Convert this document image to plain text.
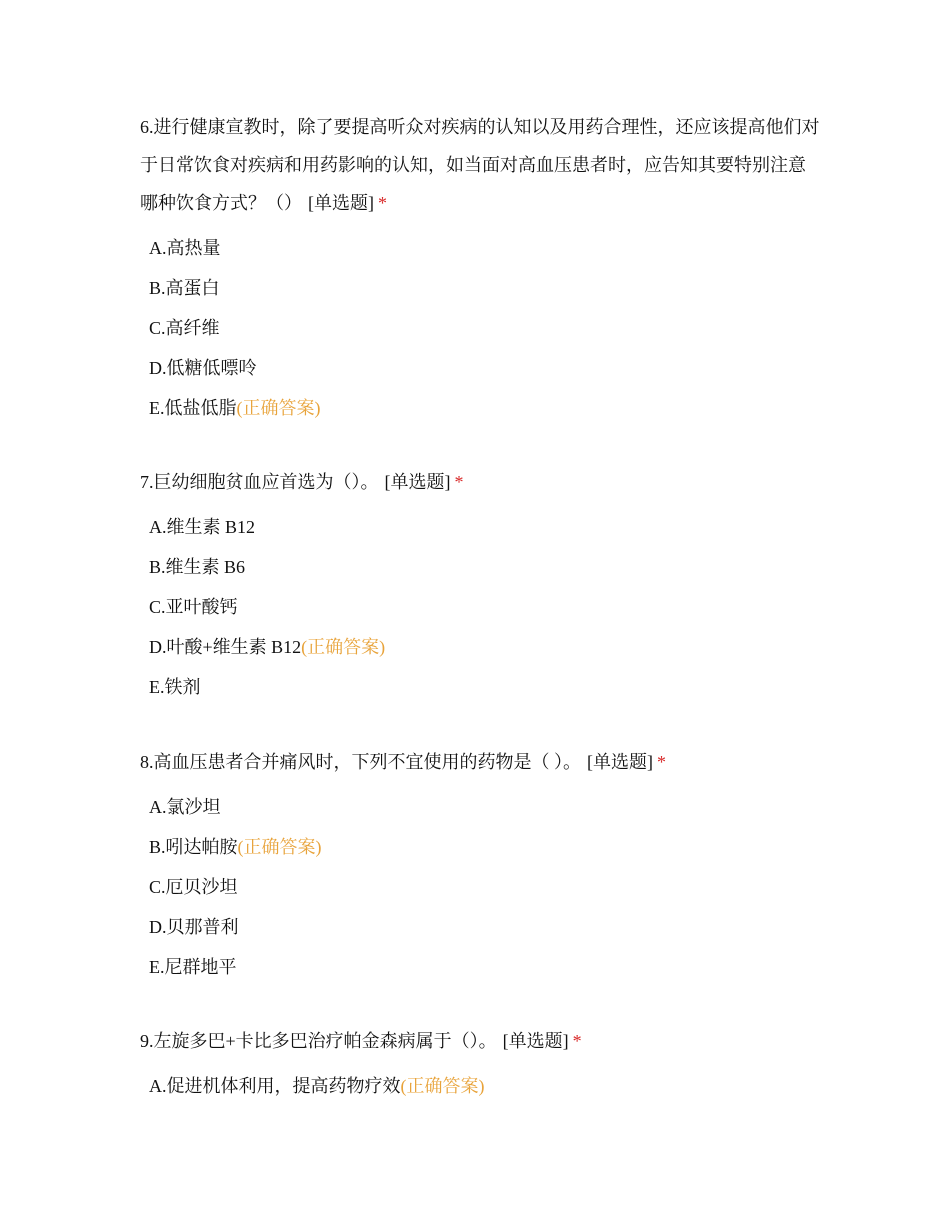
6.进行健康宣教时，除了要提高听众对疾病的认知以及用药合理性，还应该提高他们对于日常饮食对疾病和用药影响的认知，如当面对高血压患者时，应告知其要特别注意哪种饮食方式？（） [单选题] *

A.高热量
B.高蛋白
C.高纤维
D.低糖低嘌呤
E.低盐低脂(正确答案)

7.巨幼细胞贫血应首选为（）。 [单选题] *

A.维生素 B12
B.维生素 B6
C.亚叶酸钙
D.叶酸+维生素 B12(正确答案)
E.铁剂

8.高血压患者合并痛风时，下列不宜使用的药物是（ ）。 [单选题] *

A.氯沙坦
B.吲达帕胺(正确答案)
C.厄贝沙坦
D.贝那普利
E.尼群地平

9.左旋多巴+卡比多巴治疗帕金森病属于（）。 [单选题] *

A.促进机体利用，提高药物疗效(正确答案)
